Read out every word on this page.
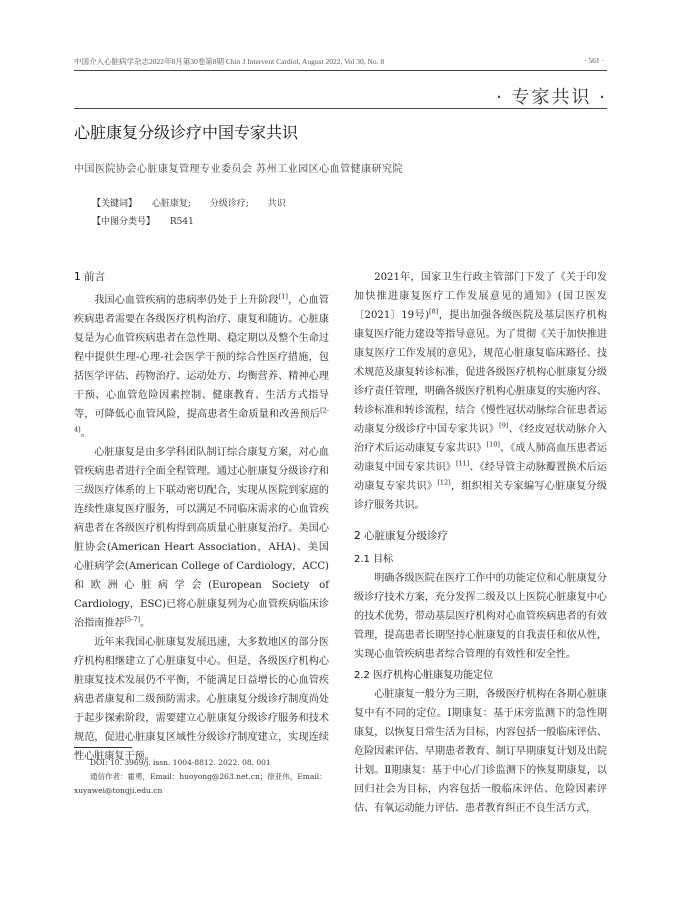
中国介入心脏病学杂志2022年8月第30卷第8期 Chin J Intervent Cardiol, August 2022, Vol 30, No. 8	· 561 ·
· 专家共识 ·
心脏康复分级诊疗中国专家共识
中国医院协会心脏康复管理专业委员会 苏州工业园区心血管健康研究院
【关键词】 心脏康复; 分级诊疗; 共识
【中图分类号】 R541
1 前言

我国心血管疾病的患病率仍处于上升阶段[1]，心血管疾病患者需要在各级医疗机构治疗、康复和随访。心脏康复是为心血管疾病患者在急性期、稳定期以及整个生命过程中提供生理-心理-社会医学干预的综合性医疗措施，包括医学评估、药物治疗、运动处方、均衡营养、精神心理干预、心血管危险因素控制、健康教育、生活方式指导等，可降低心血管风险，提高患者生命质量和改善预后[2-4]。

心脏康复是由多学科团队制订综合康复方案，对心血管疾病患者进行全面全程管理。通过心脏康复分级诊疗和三级医疗体系的上下联动密切配合，实现从医院到家庭的连续性康复医疗服务，可以满足不同临床需求的心血管疾病患者在各级医疗机构得到高质量心脏康复治疗。美国心脏协会(American Heart Association，AHA)、美国心脏病学会(American College of Cardiology，ACC)和欧洲心脏病学会(European Society of Cardiology，ESC)已将心脏康复列为心血管疾病临床诊治指南推荐[5-7]。

近年来我国心脏康复发展迅速，大多数地区的部分医疗机构相继建立了心脏康复中心。但是，各级医疗机构心脏康复技术发展仍不平衡，不能满足日益增长的心血管疾病患者康复和二级预防需求。心脏康复分级诊疗制度尚处于起步探索阶段，需要建立心脏康复分级诊疗服务和技术规范，促进心脏康复区域性分级诊疗制度建立，实现连续性心脏康复干预。

DOI: 10. 3969/j. issn. 1004-8812. 2022. 08. 001
通信作者：霍勇，Email：huoyong@263.net.cn；徐亚伟，Email：xuyawei@tongji.edu.cn

2021年，国家卫生行政主管部门下发了《关于印发加快推进康复医疗工作发展意见的通知》(国卫医发〔2021〕19号)[8]，提出加强各级医院及基层医疗机构康复医疗能力建设等指导意见。为了贯彻《关于加快推进康复医疗工作发展的意见》，规范心脏康复临床路径、技术规范及康复转诊标准，促进各级医疗机构心脏康复分级诊疗责任管理，明确各级医疗机构心脏康复的实施内容、转诊标准和转诊流程，结合《慢性冠状动脉综合征患者运动康复分级诊疗中国专家共识》[9]、《经皮冠状动脉介入治疗术后运动康复专家共识》[10]、《成人肺高血压患者运动康复中国专家共识》[11]、《经导管主动脉瓣置换术后运动康复专家共识》[12]，组织相关专家编写心脏康复分级诊疗服务共识。

2 心脏康复分级诊疗
2.1 目标

明确各级医院在医疗工作中的功能定位和心脏康复分级诊疗技术方案，充分发挥二级及以上医院心脏康复中心的技术优势，带动基层医疗机构对心血管疾病患者的有效管理，提高患者长期坚持心脏康复的自我责任和依从性，实现心血管疾病患者综合管理的有效性和安全性。

2.2 医疗机构心脏康复功能定位

心脏康复一般分为三期，各级医疗机构在各期心脏康复中有不同的定位。Ⅰ期康复：基于床旁监测下的急性期康复，以恢复日常生活为目标，内容包括一般临床评估、危险因素评估、早期患者教育、制订早期康复计划及出院计划。Ⅱ期康复：基于中心/门诊监测下的恢复期康复，以回归社会为目标，内容包括一般临床评估、危险因素评估、有氧运动能力评估、患者教育纠正不良生活方式，
